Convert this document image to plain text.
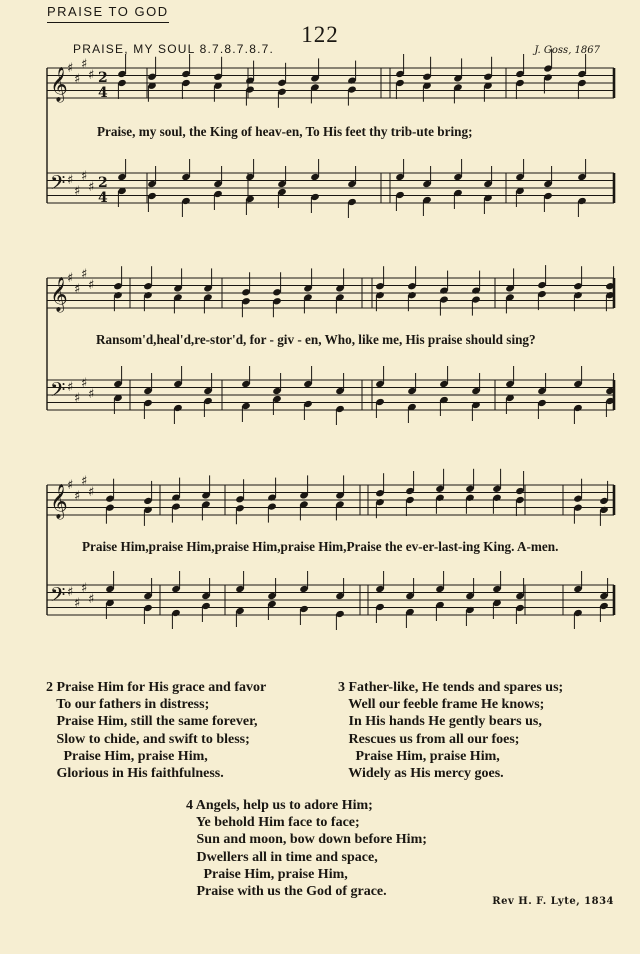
PRAISE TO GOD
122
PRAISE, MY SOUL 8.7.8.7.8.7.	J. Goss, 1867
𝄞
𝄢
♯
♯
♯
♯
♯
♯
♯
♯
2
4
2
4
𝄞
𝄢
♯
♯
♯
♯
♯
♯
♯
♯
𝄞
𝄢
♯
♯
♯
♯
♯
♯
♯
♯
Praise, my soul, the King of heav-en, To His feet thy trib-ute bring;
Ransom'd,heal'd,re-stor'd, for - giv - en, Who, like me, His praise should sing?
Praise Him,praise Him,praise Him,praise Him,Praise the ev-er-last-ing King. A-men.
2 Praise Him for His grace and favor
To our fathers in distress;
Praise Him, still the same forever,
Slow to chide, and swift to bless;
Praise Him, praise Him,
Glorious in His faithfulness.
3 Father-like, He tends and spares us;
Well our feeble frame He knows;
In His hands He gently bears us,
Rescues us from all our foes;
Praise Him, praise Him,
Widely as His mercy goes.
4 Angels, help us to adore Him;
Ye behold Him face to face;
Sun and moon, bow down before Him;
Dwellers all in time and space,
Praise Him, praise Him,
Praise with us the God of grace.
Rev H. F. Lyte, 1834
